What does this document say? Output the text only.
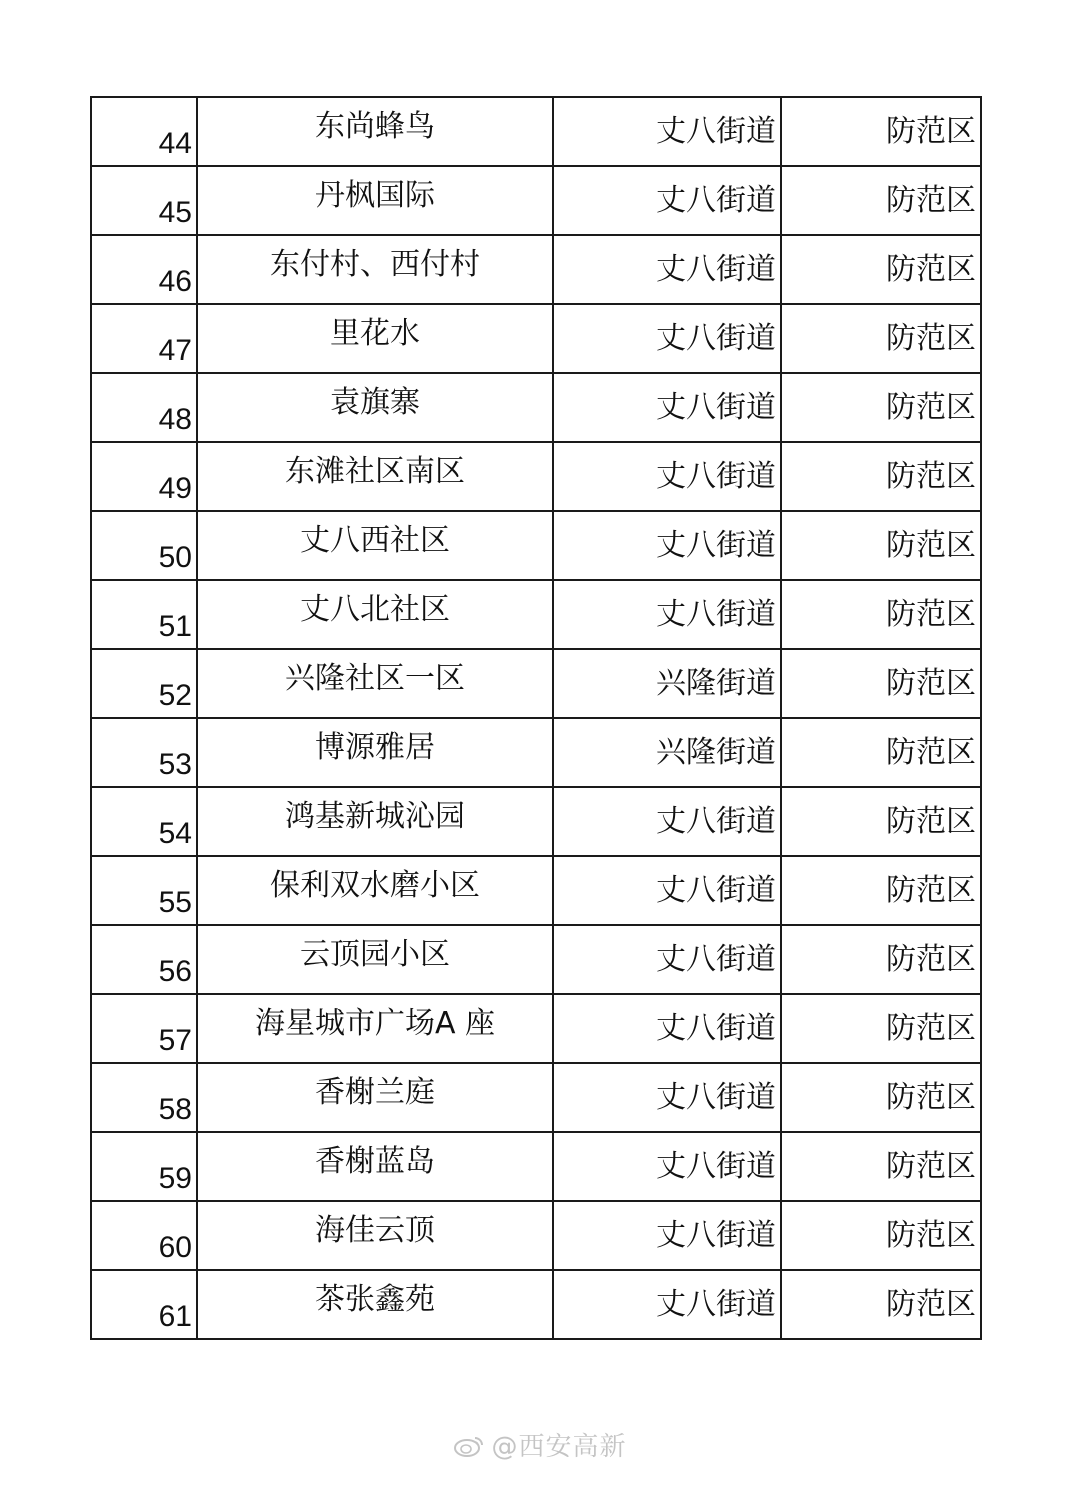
44	东尚蜂鸟	丈八街道	防范区
45	丹枫国际	丈八街道	防范区
46	东付村、西付村	丈八街道	防范区
47	里花水	丈八街道	防范区
48	袁旗寨	丈八街道	防范区
49	东滩社区南区	丈八街道	防范区
50	丈八西社区	丈八街道	防范区
51	丈八北社区	丈八街道	防范区
52	兴隆社区一区	兴隆街道	防范区
53	博源雅居	兴隆街道	防范区
54	鸿基新城沁园	丈八街道	防范区
55	保利双水磨小区	丈八街道	防范区
56	云顶园小区	丈八街道	防范区
57	海星城市广场A 座	丈八街道	防范区
58	香榭兰庭	丈八街道	防范区
59	香榭蓝岛	丈八街道	防范区
60	海佳云顶	丈八街道	防范区
61	茶张鑫苑	丈八街道	防范区
@西安高新
